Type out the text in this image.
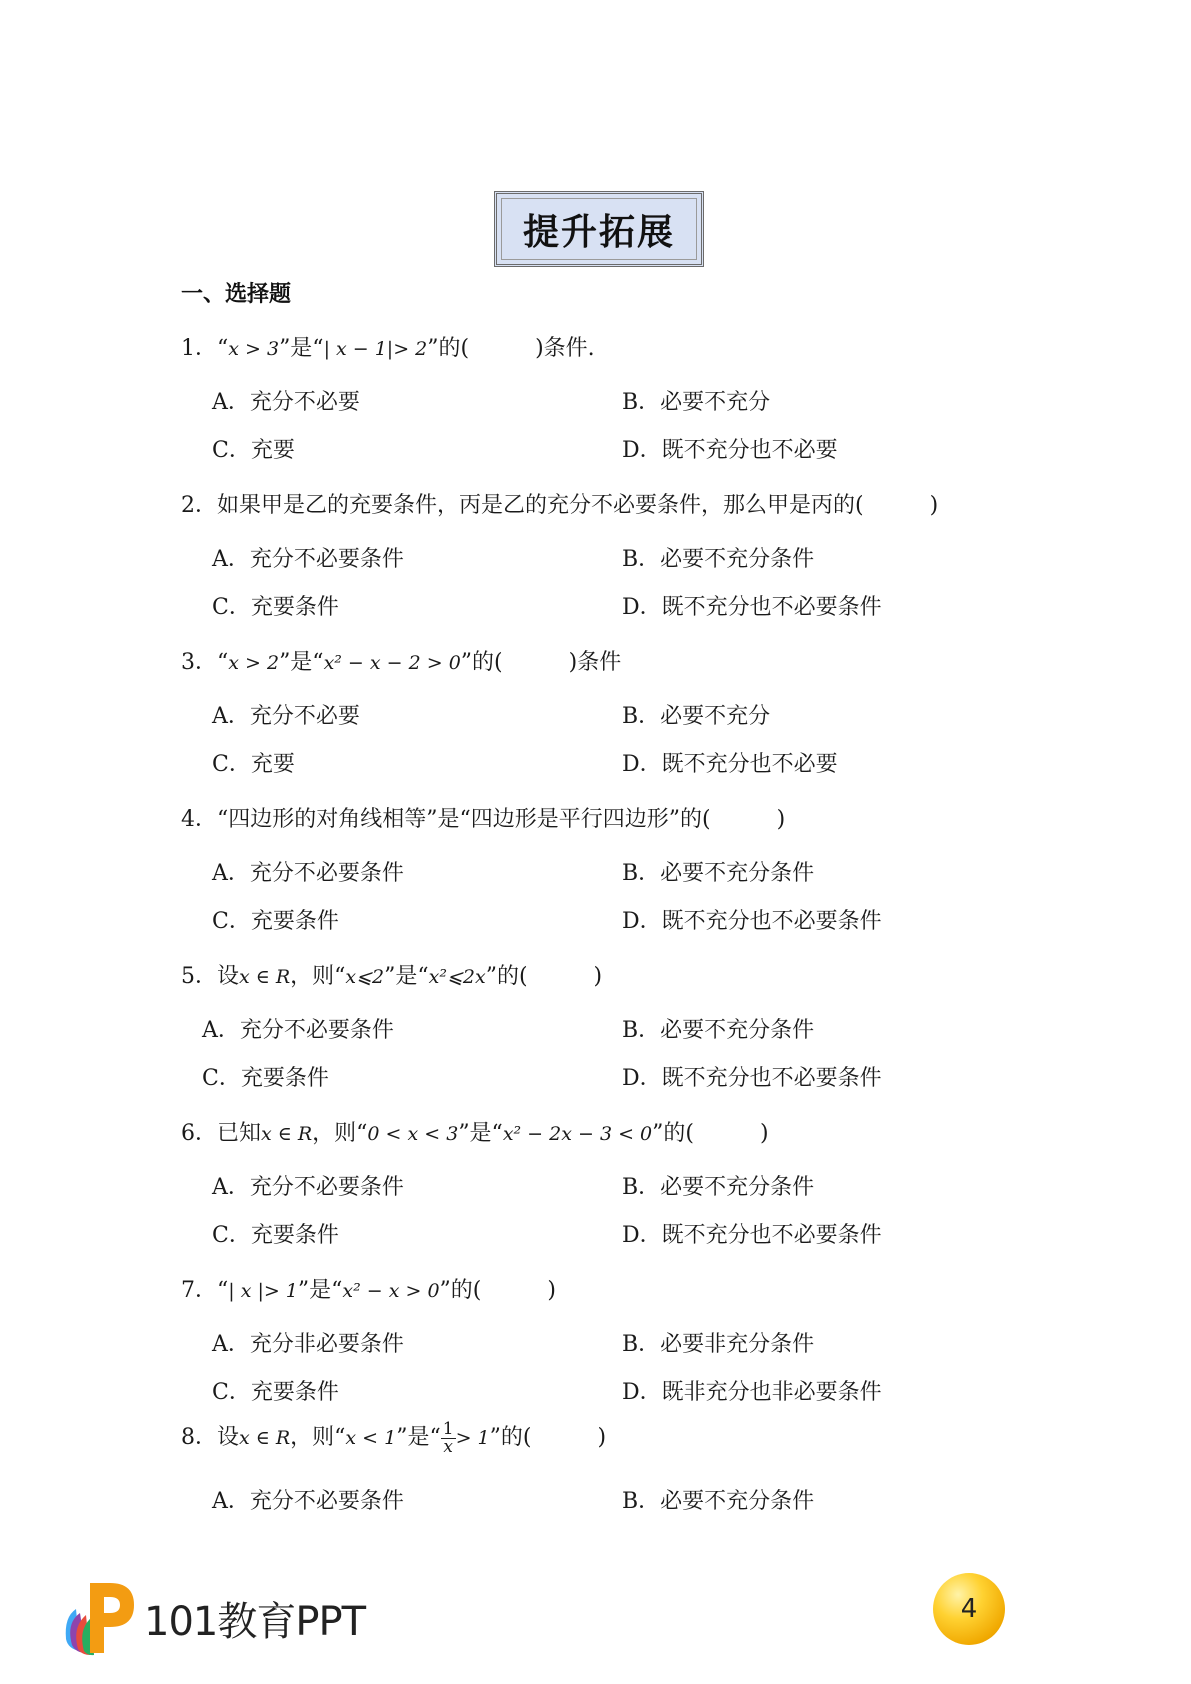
提升拓展
一、选择题
1．“x > 3”是“| x − 1|> 2”的(　　　)条件.
A．充分不必要	B．必要不充分
C．充要	D．既不充分也不必要
2．如果甲是乙的充要条件，丙是乙的充分不必要条件，那么甲是丙的(　　　)
A．充分不必要条件	B．必要不充分条件
C．充要条件	D．既不充分也不必要条件
3．“x > 2”是“x² − x − 2 > 0”的(　　　)条件
A．充分不必要	B．必要不充分
C．充要	D．既不充分也不必要
4．“四边形的对角线相等”是“四边形是平行四边形”的(　　　)
A．充分不必要条件	B．必要不充分条件
C．充要条件	D．既不充分也不必要条件
5．设x ∈ R，则“x⩽2”是“x²⩽2x”的(　　　)
A．充分不必要条件	B．必要不充分条件
C．充要条件	D．既不充分也不必要条件
6．已知x ∈ R，则“0 < x < 3”是“x² − 2x − 3 < 0”的(　　　)
A．充分不必要条件	B．必要不充分条件
C．充要条件	D．既不充分也不必要条件
7．“| x |> 1”是“x² − x > 0”的(　　　)
A．充分非必要条件	B．必要非充分条件
C．充要条件	D．既非充分也非必要条件
8．设x ∈ R，则“x < 1”是“ $\frac{1}{x} > 1$”的(　　　)
A．充分不必要条件	B．必要不充分条件
101教育PPT	4
